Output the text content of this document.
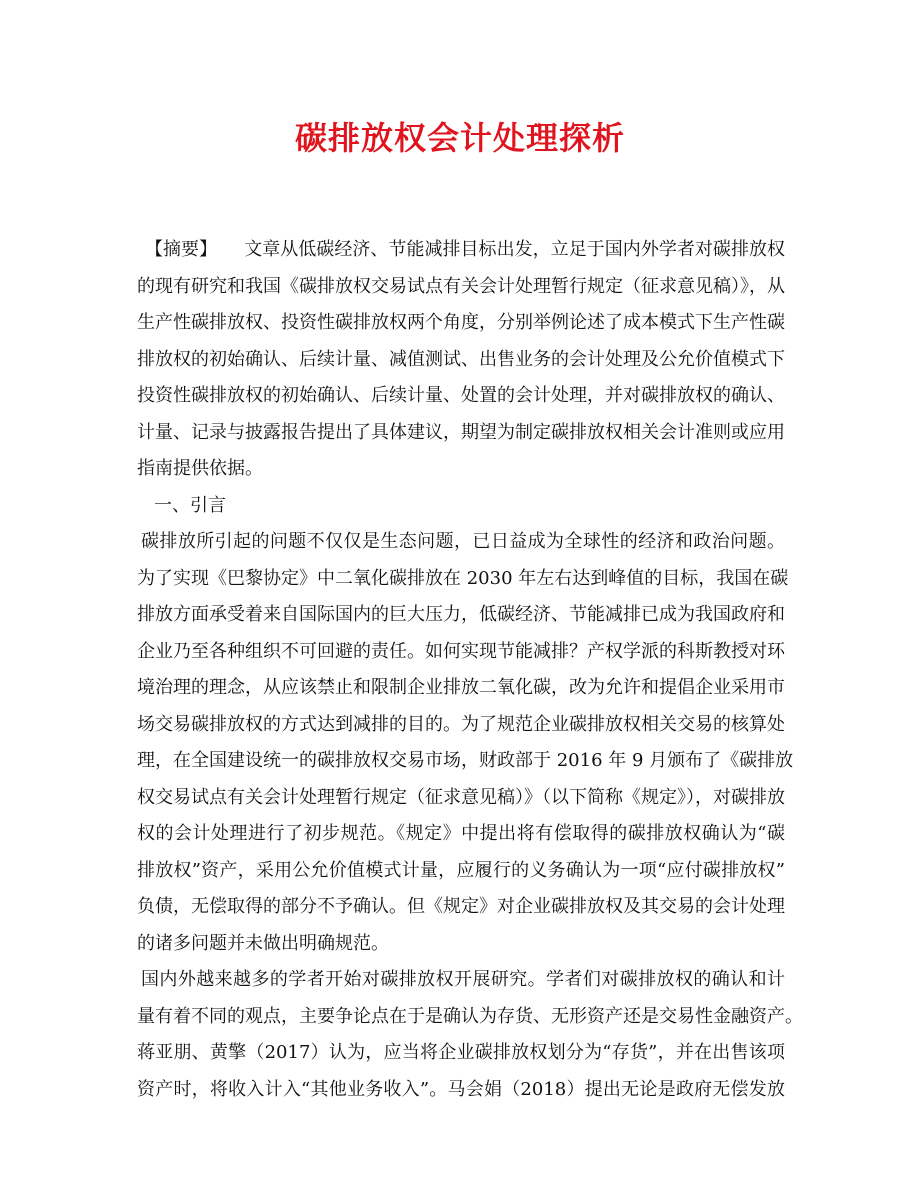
碳排放权会计处理探析
【摘要】　　 文章从低碳经济、节能减排目标出发，立足于国内外学者对碳排放权
的现有研究和我国《碳排放权交易试点有关会计处理暂行规定（征求意见稿）》，从
生产性碳排放权、投资性碳排放权两个角度，分别举例论述了成本模式下生产性碳
排放权的初始确认、后续计量、减值测试、出售业务的会计处理及公允价值模式下
投资性碳排放权的初始确认、后续计量、处置的会计处理，并对碳排放权的确认、
计量、记录与披露报告提出了具体建议，期望为制定碳排放权相关会计准则或应用
指南提供依据。
一、引言
碳排放所引起的问题不仅仅是生态问题，已日益成为全球性的经济和政治问题。
为了实现《巴黎协定》中二氧化碳排放在 2030 年左右达到峰值的目标，我国在碳
排放方面承受着来自国际国内的巨大压力，低碳经济、节能减排已成为我国政府和
企业乃至各种组织不可回避的责任。如何实现节能减排？产权学派的科斯教授对环
境治理的理念，从应该禁止和限制企业排放二氧化碳，改为允许和提倡企业采用市
场交易碳排放权的方式达到减排的目的。为了规范企业碳排放权相关交易的核算处
理，在全国建设统一的碳排放权交易市场，财政部于 2016 年 9 月颁布了《碳排放
权交易试点有关会计处理暂行规定（征求意见稿）》（以下简称《规定》），对碳排放
权的会计处理进行了初步规范。《规定》中提出将有偿取得的碳排放权确认为“碳
排放权”资产，采用公允价值模式计量，应履行的义务确认为一项“应付碳排放权”
负债，无偿取得的部分不予确认。但《规定》对企业碳排放权及其交易的会计处理
的诸多问题并未做出明确规范。
国内外越来越多的学者开始对碳排放权开展研究。学者们对碳排放权的确认和计
量有着不同的观点，主要争论点在于是确认为存货、无形资产还是交易性金融资产。
蒋亚朋、黄擎（2017）认为，应当将企业碳排放权划分为“存货”，并在出售该项
资产时，将收入计入“其他业务收入”。马会娟（2018）提出无论是政府无偿发放
